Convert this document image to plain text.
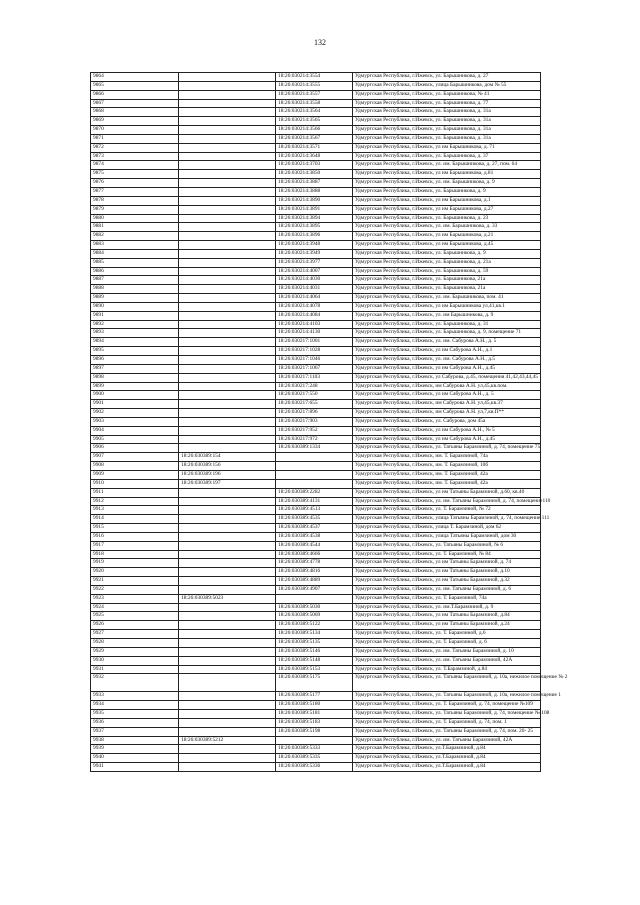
132
9864		18:26:030214:3554	Удмуртская Республика, г.Ижевск, ул. Барышникова, д. 27
9865		18:26:030214:3555	Удмуртская Республика, г.Ижевск, улица Барышникова, дом № 55
9866		18:26:030214:3557	Удмуртская Республика, г.Ижевск, ул. Барышникова, № 41
9867		18:26:030214:3558	Удмуртская Республика, г.Ижевск, ул. Барышникова, д. 77
9868		18:26:030214:3564	Удмуртская Республика, г.Ижевск, ул. Барышникова, д. 31а
9869		18:26:030214:3565	Удмуртская Республика, г.Ижевск, ул. Барышникова, д. 31а
9870		18:26:030214:3566	Удмуртская Республика, г.Ижевск, ул. Барышникова, д. 31а
9871		18:26:030214:3567	Удмуртская Республика, г.Ижевск, ул. Барышникова, д. 31а
9872		18:26:030214:3571	Удмуртская Республика, г.Ижевск, ул им Барышникова, д. 71
9873		18:26:030214:3648	Удмуртская Республика, г.Ижевск, ул. Барышникова, д. 37
9874		18:26:030214:3703	Удмуртская Республика, г.Ижевск, ул. им. Барышникова, д. 27, пом. 64
9875		18:26:030214:3850	Удмуртская Республика, г.Ижевск, ул им Барышникова, д.81
9876		18:26:030214:3887	Удмуртская Республика, г.Ижевск, ул. им. Барышникова, д. 9
9877		18:26:030214:3888	Удмуртская Республика, г.Ижевск, ул. Барышникова, д. 9
9878		18:26:030214:3890	Удмуртская Республика, г.Ижевск, ул им Барышникова, д.1
9879		18:26:030214:3891	Удмуртская Республика, г.Ижевск, ул им Барышникова, д.27
9880		18:26:030214:3894	Удмуртская Республика, г.Ижевск, ул. Барышникова, д. 23
9881		18:26:030214:3895	Удмуртская Республика, г.Ижевск, ул. им. Барышникова, д. 33
9882		18:26:030214:3896	Удмуртская Республика, г.Ижевск, ул им Барышникова, д.21
9883		18:26:030214:3948	Удмуртская Республика, г.Ижевск, ул им Барышникова, д.45
9884		18:26:030214:3949	Удмуртская Республика, г.Ижевск, ул. Барышникова, д. 9
9885		18:26:030214:3977	Удмуртская Республика, г.Ижевск, ул. Барышникова, д. 21а
9886		18:26:030214:4007	Удмуртская Республика, г.Ижевск, ул. Барышникова, д. 59
9887		18:26:030214:4030	Удмуртская Республика, г.Ижевск, ул. Барышникова, 21а
9888		18:26:030214:4031	Удмуртская Республика, г.Ижевск, ул. Барышникова, 21а
9889		18:26:030214:4064	Удмуртская Республика, г.Ижевск, ул. им. Барышникова, пом. 41
9890		18:26:030214:4078	Удмуртская Республика, г.Ижевск, ул им Барышникова ул,41,кв.1
9891		18:26:030214:4084	Удмуртская Республика, г.Ижевск, ул. им Барышникова, д. 9
9892		18:26:030214:4103	Удмуртская Республика, г.Ижевск, ул. Барышникова, д. 31
9893		18:26:030214:4130	Удмуртская Республика, г.Ижевск, ул. Барышникова, д. 9, помещение 71
9894		18:26:030217:1001	Удмуртская Республика, г.Ижевск, ул. им. Сабурова А.Н., д. 5
9895		18:26:030217:1028	Удмуртская Республика, г.Ижевск, ул им Сабурова А.Н., д.1
9896		18:26:030217:1046	Удмуртская Республика, г.Ижевск, ул. им. Сабурова А.Н., д.5
9897		18:26:030217:1067	Удмуртская Республика, г.Ижевск, ул им Сабурова А.Н., д.45
9898		18:26:030217:1103	Удмуртская Республика, г.Ижевск, ул Сабурова, д.45, помещения 41,42,43,44,45
9899		18:26:030217:248	Удмуртская Республика, г.Ижевск, им Сабурова А.Н. ул,45,кв.пом.
9900		18:26:030217:550	Удмуртская Республика, г.Ижевск, ул им Сабурова А.Н., д. 5
9901		18:26:030217:655	Удмуртская Республика, г.Ижевск, им Сабурова А.Н. ул,45,кв.37
9902		18:26:030217:896	Удмуртская Республика, г.Ижевск, им Сабурова А.Н. ул,7,кв.П**
9903		18:26:030217:903	Удмуртская Республика, г.Ижевск, ул. Сабурова, дом 45а
9904		18:26:030217:952	Удмуртская Республика, г.Ижевск, ул им Сабурова А.Н., № 5
9905		18:26:030217:972	Удмуртская Республика, г.Ижевск, ул им Сабурова А.Н., д.45
9906		18:26:030389:1334	Удмуртская Республика, г.Ижевск, ул. Татьяны Барамзиной, д. 74, помещение 75
9907	18:26:030389:154		Удмуртская Республика, г.Ижевск, им. Т. Барамзиной, 74а
9908	18:26:030389:156		Удмуртская Республика, г.Ижевск, им. Т. Барамзиной, 10б
9909	18:26:030389:196		Удмуртская Республика, г.Ижевск, им. Т. Барамзиной, 42а
9910	18:26:030389:197		Удмуртская Республика, г.Ижевск, им. Т. Барамзиной, 42а
9911		18:26:030389:2282	Удмуртская Республика, г.Ижевск, ул им Татьяны Барамзиной, д.60, кв.40
9912		18:26:030389:4131	Удмуртская Республика, г.Ижевск, ул. им. Татьяны Барамзиной, д. 74, помещение110
9913		18:26:030389:4513	Удмуртская Республика, г.Ижевск, ул. Т. Барамзиной, № 72
9914		18:26:030389:4535	Удмуртская Республика, г.Ижевск, улица Татьяны Барамзиной, д. 74, помещение 111
9915		18:26:030389:4537	Удмуртская Республика, г.Ижевск, улица Т. Барамзиной, дом 62
9916		18:26:030389:4538	Удмуртская Республика, г.Ижевск, улица Татьяны Барамзиной, дом 30
9917		18:26:030389:4544	Удмуртская Республика, г.Ижевск, ул. Татьяны Барамзиной, № 6
9918		18:26:030389:4666	Удмуртская Республика, г.Ижевск, ул. Т. Барамзиной, № 84
9919		18:26:030389:4778	Удмуртская Республика, г.Ижевск, ул им Татьяны Барамзиной, д. 74
9920		18:26:030389:4816	Удмуртская Республика, г.Ижевск, ул им Татьяны Барамзиной, д.10
9921		18:26:030389:4889	Удмуртская Республика, г.Ижевск, ул им Татьяны Барамзиной, д.32
9922		18:26:030389:4907	Удмуртская Республика, г.Ижевск, ул. им. Татьяны Барамзиной, д. 6
9923	18:26:030389:5023		Удмуртская Республика, г.Ижевск, ул. Т. Барамзиной, 74а
9924		18:26:030389:5030	Удмуртская Республика, г.Ижевск, ул. им.Т.Барамзиной, д. 9
9925		18:26:030389:5069	Удмуртская Республика, г.Ижевск, ул им Татьяны Барамзиной, д.84
9926		18:26:030389:5122	Удмуртская Республика, г.Ижевск, ул им Татьяны Барамзиной, д.24
9927		18:26:030389:5134	Удмуртская Республика, г.Ижевск, ул. Т. Барамзиной, д.6
9928		18:26:030389:5135	Удмуртская Республика, г.Ижевск, ул. Т. Барамзиной, д. 6
9929		18:26:030389:5146	Удмуртская Республика, г.Ижевск, ул. им. Татьяны Барамзиной, д. 10
9930		18:26:030389:5148	Удмуртская Республика, г.Ижевск, ул. им. Татьяны Барамзиной, 42А
9931		18:26:030389:5153	Удмуртская Республика, г.Ижевск, ул. Т.Барамзиной, д.84
9932		18:26:030389:5175	Удмуртская Республика, г.Ижевск, ул. Татьяны Барамзиной, д. 10а, нежилое помещение № 2
9933		18:26:030389:5177	Удмуртская Республика, г.Ижевск, ул. Татьяны Барамзиной, д. 10а, нежилое помещение 1
9934		18:26:030389:5180	Удмуртская Республика, г.Ижевск, ул. Т. Барамзиной, д. 74, помещение №109
9935		18:26:030389:5181	Удмуртская Республика, г.Ижевск, ул. Татьяны Барамзиной, д. 74, помещение № 108
9936		18:26:030389:5183	Удмуртская Республика, г.Ижевск, ул. Т. Барамзиной, д. 74, пом. 1
9937		18:26:030389:5198	Удмуртская Республика, г.Ижевск, ул. Татьяны Барамзиной, д. 74, пом. 20- 25
9938	18:26:030389:5212		Удмуртская Республика, г.Ижевск, ул. им. Татьяны Барамзиной, 42А
9939		18:26:030389:5333	Удмуртская Республика, г.Ижевск, ул.Т.Барамзиной, д.84
9940		18:26:030389:5335	Удмуртская Республика, г.Ижевск, ул.Т.Барамзиной, д.84
9941		18:26:030389:5336	Удмуртская Республика, г.Ижевск, ул.Т.Барамзиной, д.84
